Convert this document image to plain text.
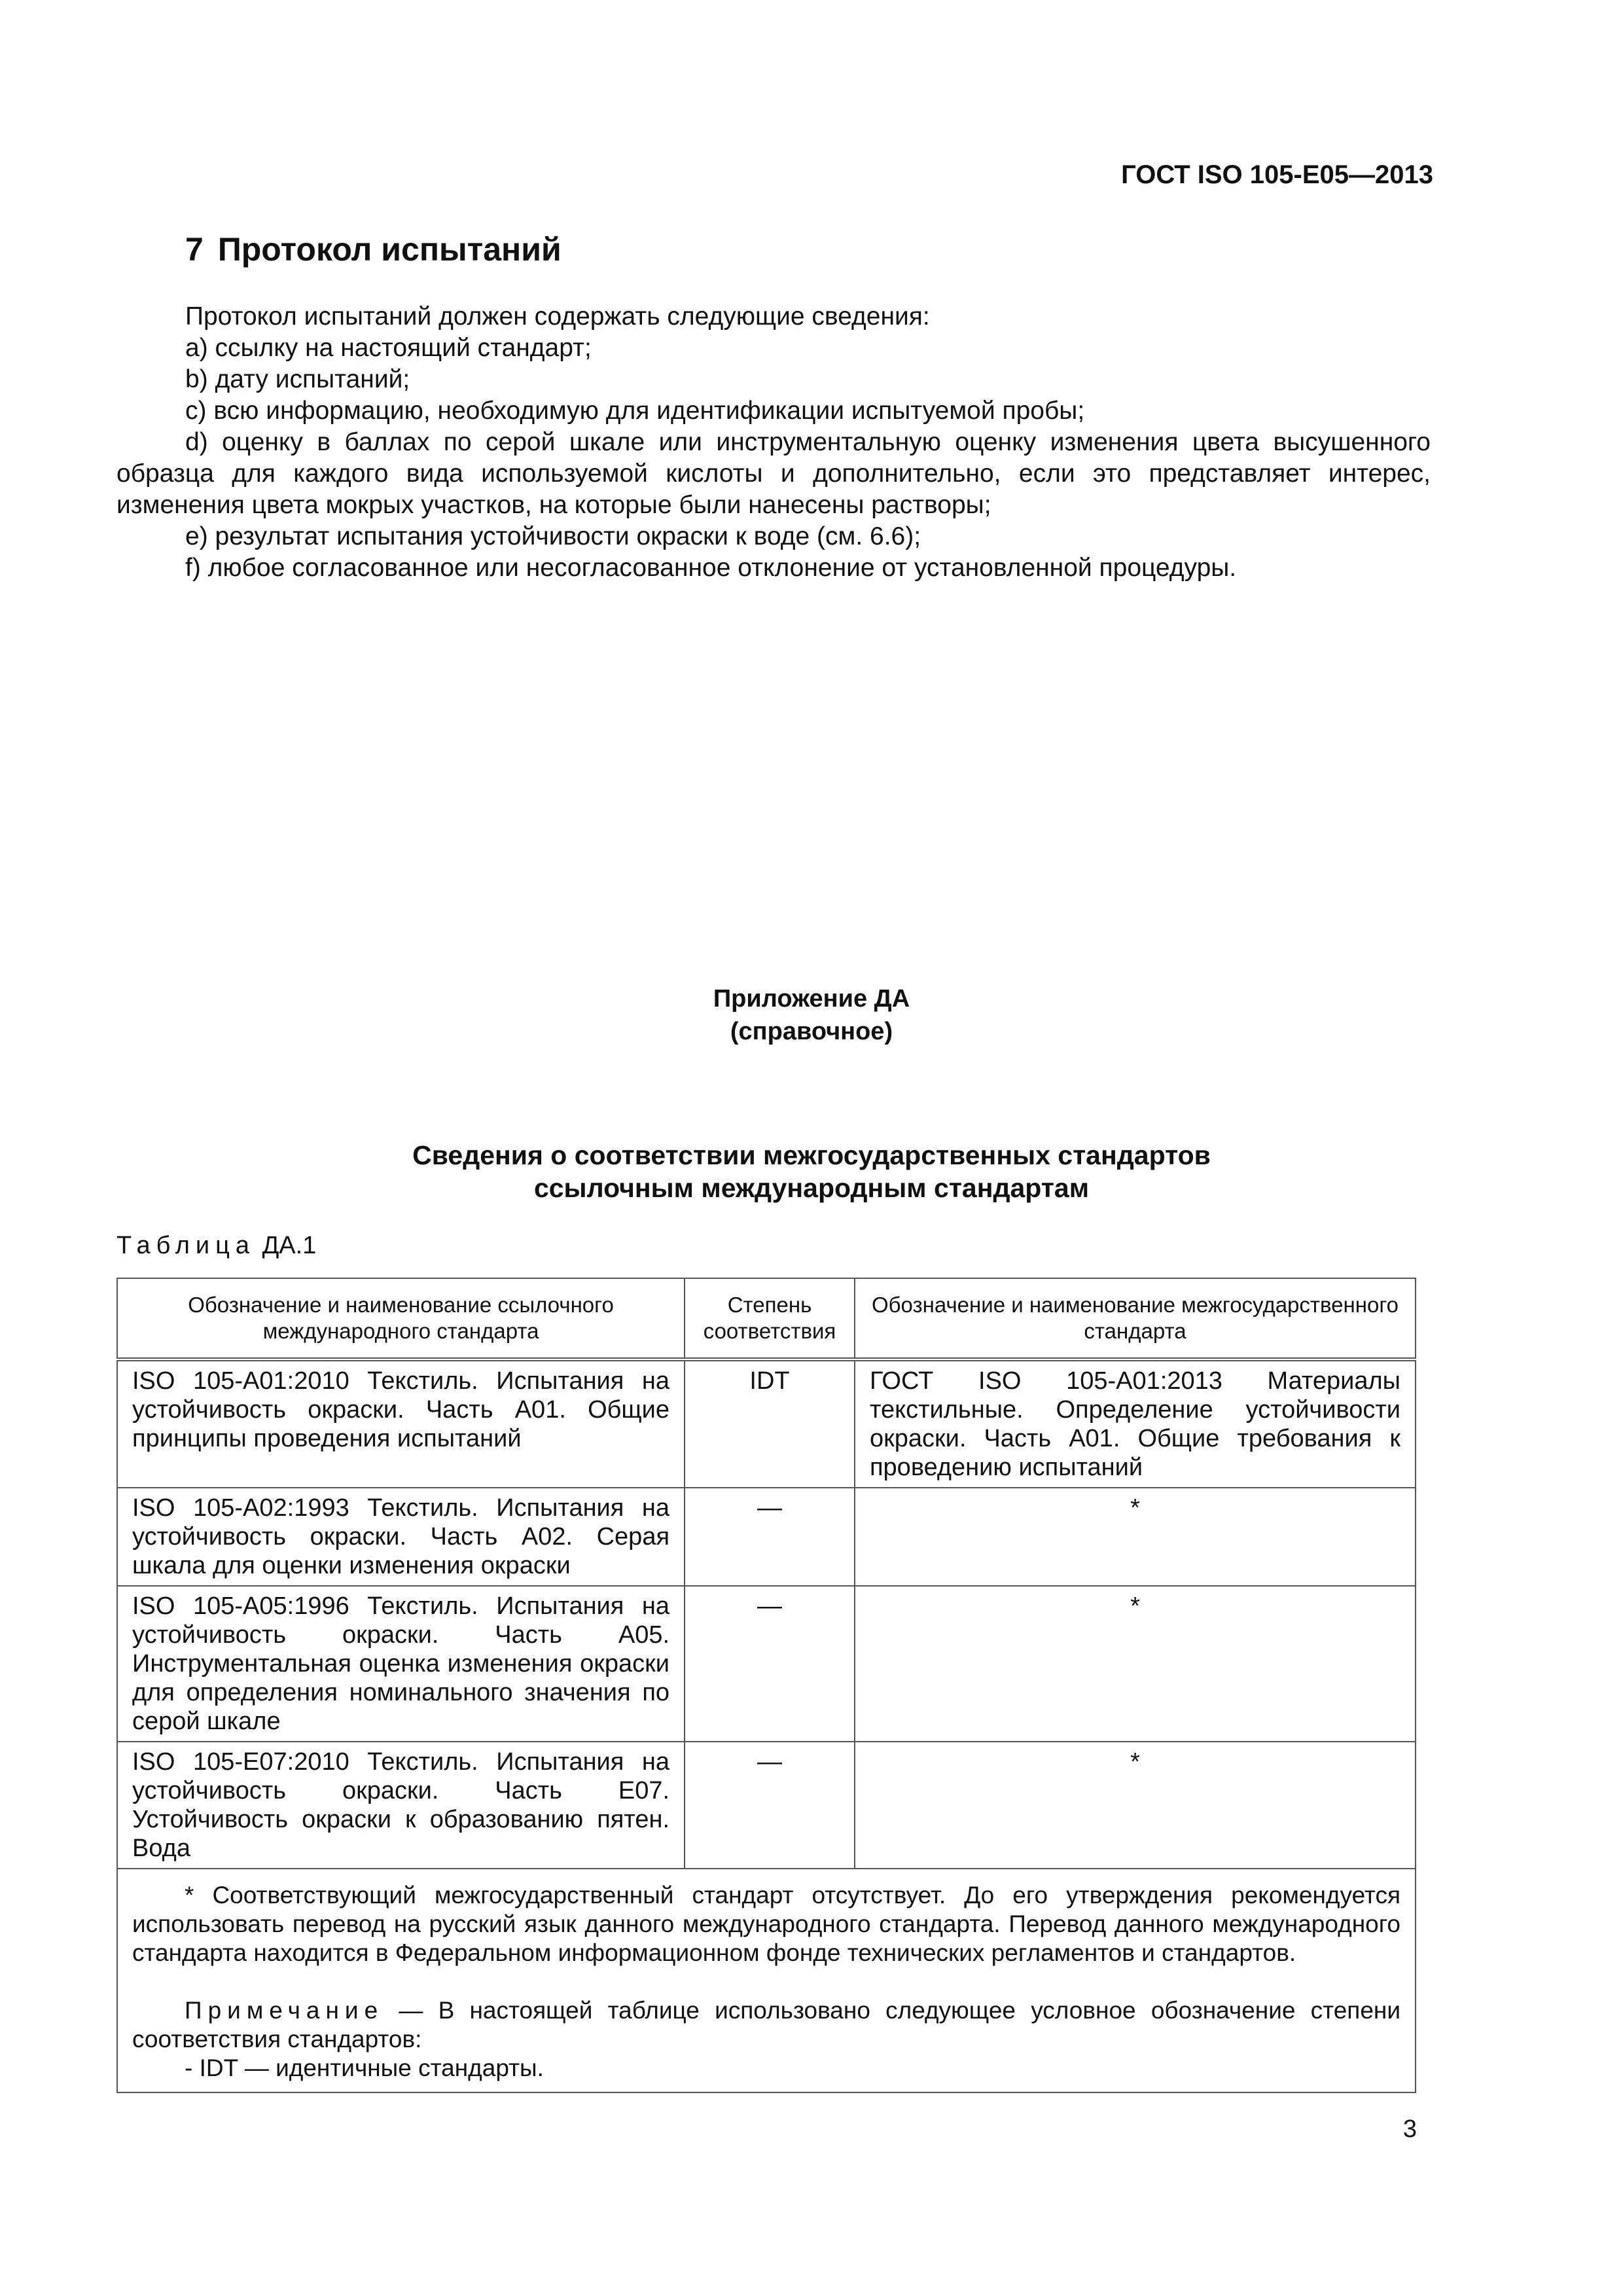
ГОСТ ISO 105-E05—2013
7 Протокол испытаний

Протокол испытаний должен содержать следующие сведения:

a) ссылку на настоящий стандарт;

b) дату испытаний;

c) всю информацию, необходимую для идентификации испытуемой пробы;

d) оценку в баллах по серой шкале или инструментальную оценку изменения цвета высушенного образца для каждого вида используемой кислоты и дополнительно, если это представляет интерес, изменения цвета мокрых участков, на которые были нанесены растворы;

e) результат испытания устойчивости окраски к воде (см. 6.6);

f) любое согласованное или несогласованное отклонение от установленной процедуры.

Приложение ДА
(справочное)
Сведения о соответствии межгосударственных стандартов
ссылочным международным стандартам
Таблица ДА.1
Обозначение и наименование ссылочного международного стандарта	Степень соответствия	Обозначение и наименование межгосударственного стандарта
ISO 105-A01:2010 Текстиль. Испытания на устойчивость окраски. Часть A01. Общие принципы проведения испытаний	IDT	ГОСТ ISO 105-A01:2013 Материалы текстильные. Определение устойчивости окраски. Часть A01. Общие требования к проведению испытаний
ISO 105-A02:1993 Текстиль. Испытания на устойчивость окраски. Часть A02. Серая шкала для оценки изменения окраски	—	*
ISO 105-A05:1996 Текстиль. Испытания на устойчивость окраски. Часть A05. Инструментальная оценка изменения окраски для определения номинального значения по серой шкале	—	*
ISO 105-E07:2010 Текстиль. Испытания на устойчивость окраски. Часть E07. Устойчивость окраски к образованию пятен. Вода	—	*

* Соответствующий межгосударственный стандарт отсутствует. До его утверждения рекомендуется использовать перевод на русский язык данного международного стандарта. Перевод данного международного стандарта находится в Федеральном информационном фонде технических регламентов и стандартов.

Примечание — В настоящей таблице использовано следующее условное обозначение степени соответствия стандартов:

- IDT — идентичные стандарты.		

3
